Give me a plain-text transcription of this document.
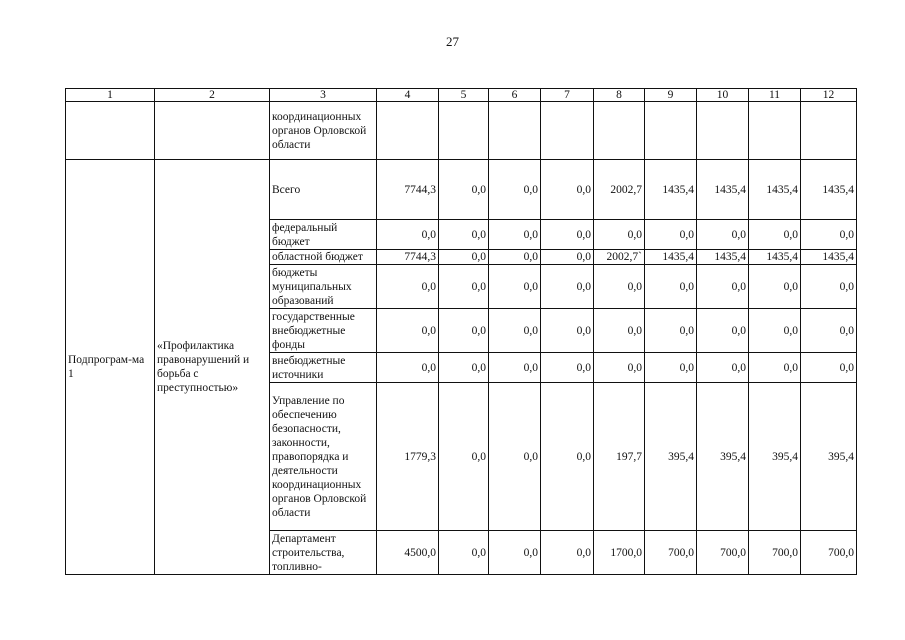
27
1	2	3	4	5	6	7	8	9	10	11	12
		координационных органов Орловской области									
Подпрограм-ма 1	«Профилактика правонарушений и борьба с преступностью»	Всего	7744,3	0,0	0,0	0,0	2002,7	1435,4	1435,4	1435,4	1435,4
		федеральный бюджет	0,0	0,0	0,0	0,0	0,0	0,0	0,0	0,0	0,0
		областной бюджет	7744,3	0,0	0,0	0,0	2002,7`	1435,4	1435,4	1435,4	1435,4
		бюджеты муниципальных образований	0,0	0,0	0,0	0,0	0,0	0,0	0,0	0,0	0,0
		государственные внебюджетные фонды	0,0	0,0	0,0	0,0	0,0	0,0	0,0	0,0	0,0
		внебюджетные источники	0,0	0,0	0,0	0,0	0,0	0,0	0,0	0,0	0,0
		Управление по обеспечению безопасности, законности, правопорядка и деятельности координационных органов Орловской области	1779,3	0,0	0,0	0,0	197,7	395,4	395,4	395,4	395,4
		Департамент строительства, топливно-	4500,0	0,0	0,0	0,0	1700,0	700,0	700,0	700,0	700,0
